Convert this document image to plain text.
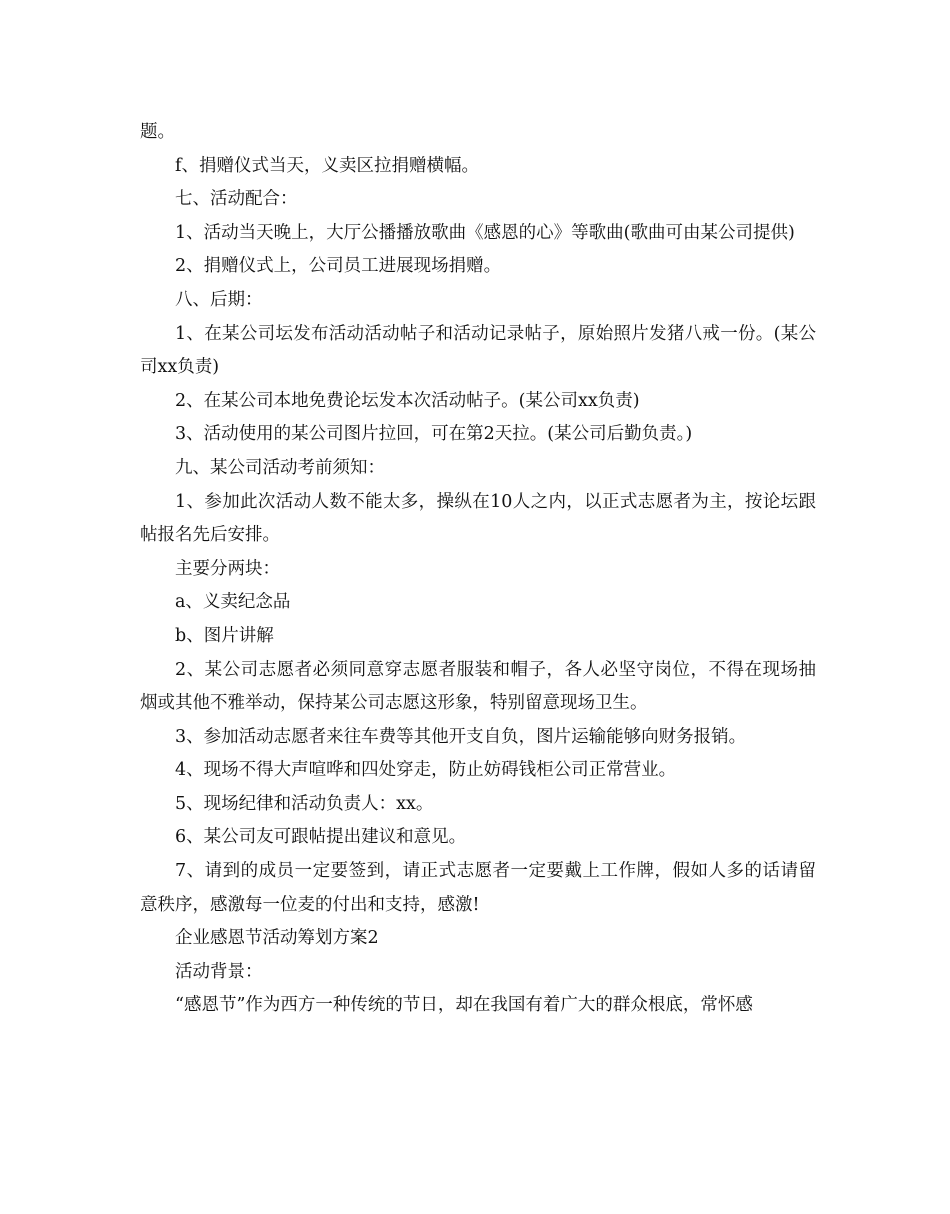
题。

f、捐赠仪式当天，义卖区拉捐赠横幅。

七、活动配合：

1、活动当天晚上，大厅公播播放歌曲《感恩的心》等歌曲(歌曲可由某公司提供)

2、捐赠仪式上，公司员工进展现场捐赠。

八、后期：

1、在某公司坛发布活动活动帖子和活动记录帖子，原始照片发猪八戒一份。(某公司xx负责)

2、在某公司本地免费论坛发本次活动帖子。(某公司xx负责)

3、活动使用的某公司图片拉回，可在第2天拉。(某公司后勤负责。)

九、某公司活动考前须知：

1、参加此次活动人数不能太多，操纵在10人之内，以正式志愿者为主，按论坛跟帖报名先后安排。

主要分两块：

a、义卖纪念品

b、图片讲解

2、某公司志愿者必须同意穿志愿者服装和帽子，各人必坚守岗位，不得在现场抽烟或其他不雅举动，保持某公司志愿这形象，特别留意现场卫生。

3、参加活动志愿者来往车费等其他开支自负，图片运输能够向财务报销。

4、现场不得大声喧哗和四处穿走，防止妨碍钱柜公司正常营业。

5、现场纪律和活动负责人：xx。

6、某公司友可跟帖提出建议和意见。

7、请到的成员一定要签到，请正式志愿者一定要戴上工作牌，假如人多的话请留意秩序，感激每一位麦的付出和支持，感激!

企业感恩节活动筹划方案2

活动背景：

“感恩节”作为西方一种传统的节日，却在我国有着广大的群众根底，常怀感
